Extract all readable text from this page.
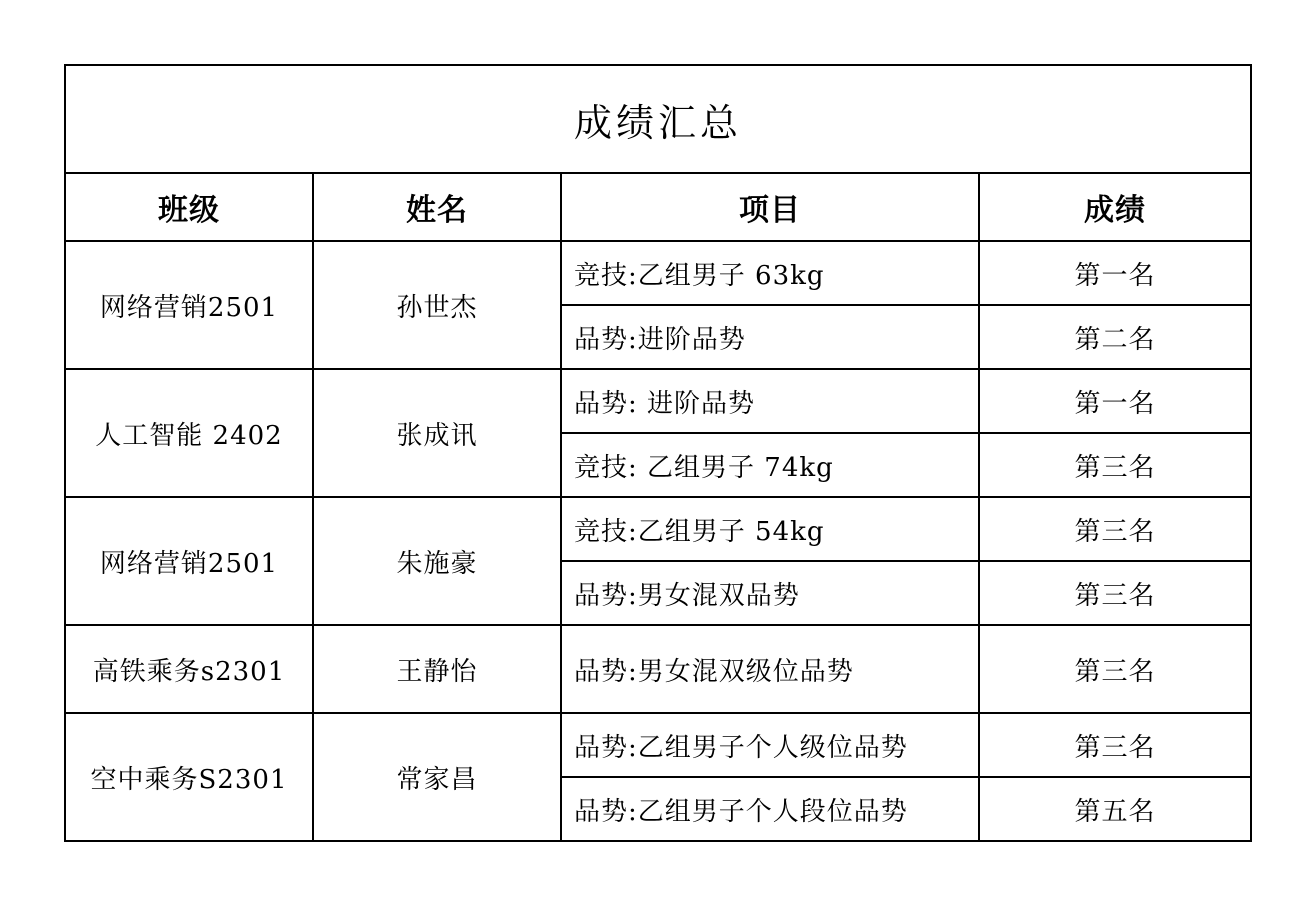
成绩汇总			
班级	姓名	项目	成绩
网络营销2501	孙世杰	竞技:乙组男子 63kg	第一名
		品势:进阶品势	第二名
人工智能 2402	张成讯	品势: 进阶品势	第一名
		竞技: 乙组男子 74kg	第三名
网络营销2501	朱施豪	竞技:乙组男子 54kg	第三名
		品势:男女混双品势	第三名
高铁乘务s2301	王静怡	品势:男女混双级位品势	第三名
空中乘务S2301	常家昌	品势:乙组男子个人级位品势	第三名
		品势:乙组男子个人段位品势	第五名
